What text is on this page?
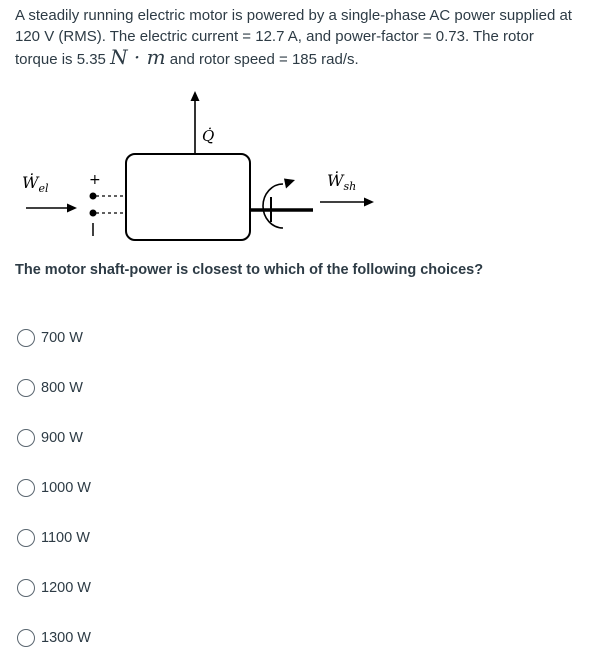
A steadily running electric motor is powered by a single-phase AC power supplied at
120 V (RMS). The electric current = 12.7 A, and power-factor = 0.73. The rotor
torque is 5.35 N · m and rotor speed = 185 rad/s.
Q̇
+
Ẇ$_{el}$	Ẇ$_{sh}$
The motor shaft-power is closest to which of the following choices?
700 W
800 W
900 W
1000 W
1100 W
1200 W
1300 W
